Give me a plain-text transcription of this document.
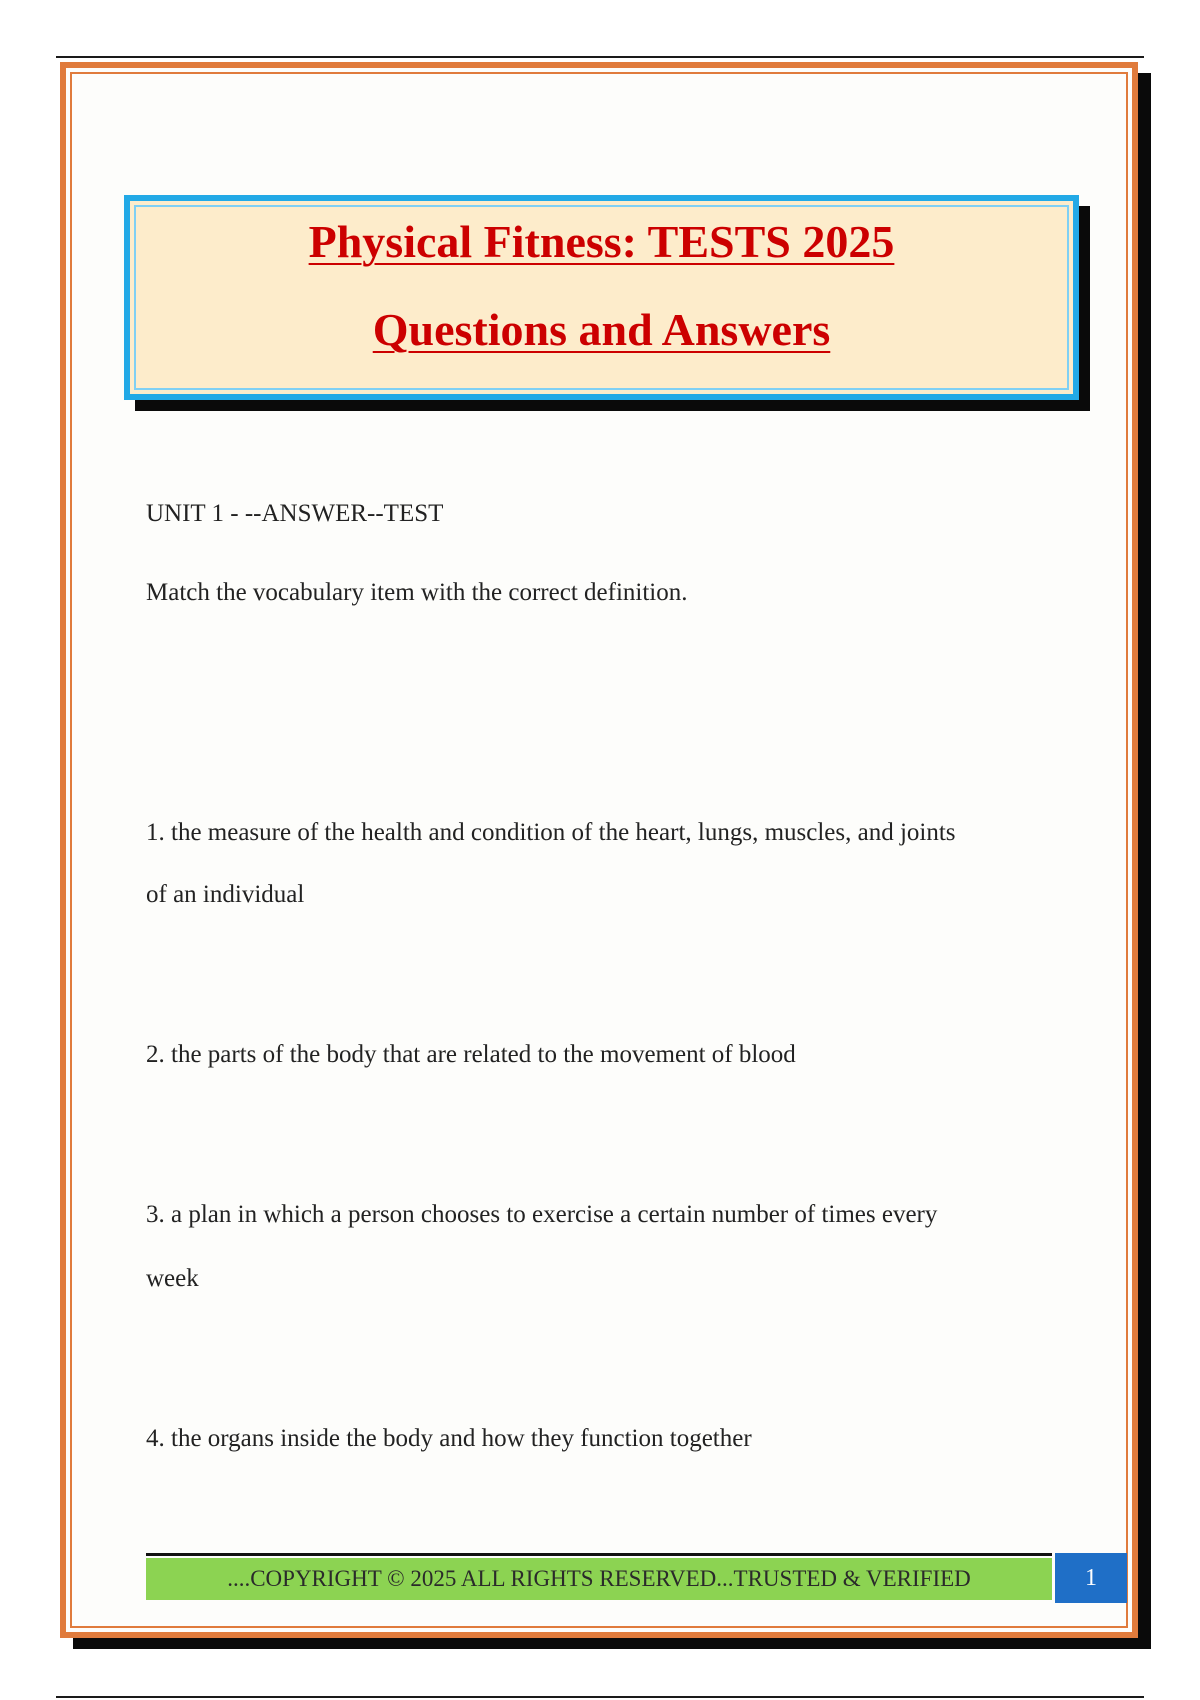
Physical Fitness: TESTS 2025
Questions and Answers
UNIT 1 - --ANSWER--TEST
Match the vocabulary item with the correct definition.
1. the measure of the health and condition of the heart, lungs, muscles, and joints
of an individual
2. the parts of the body that are related to the movement of blood
3. a plan in which a person chooses to exercise a certain number of times every
week
4. the organs inside the body and how they function together
....COPYRIGHT © 2025 ALL RIGHTS RESERVED...TRUSTED & VERIFIED	1
